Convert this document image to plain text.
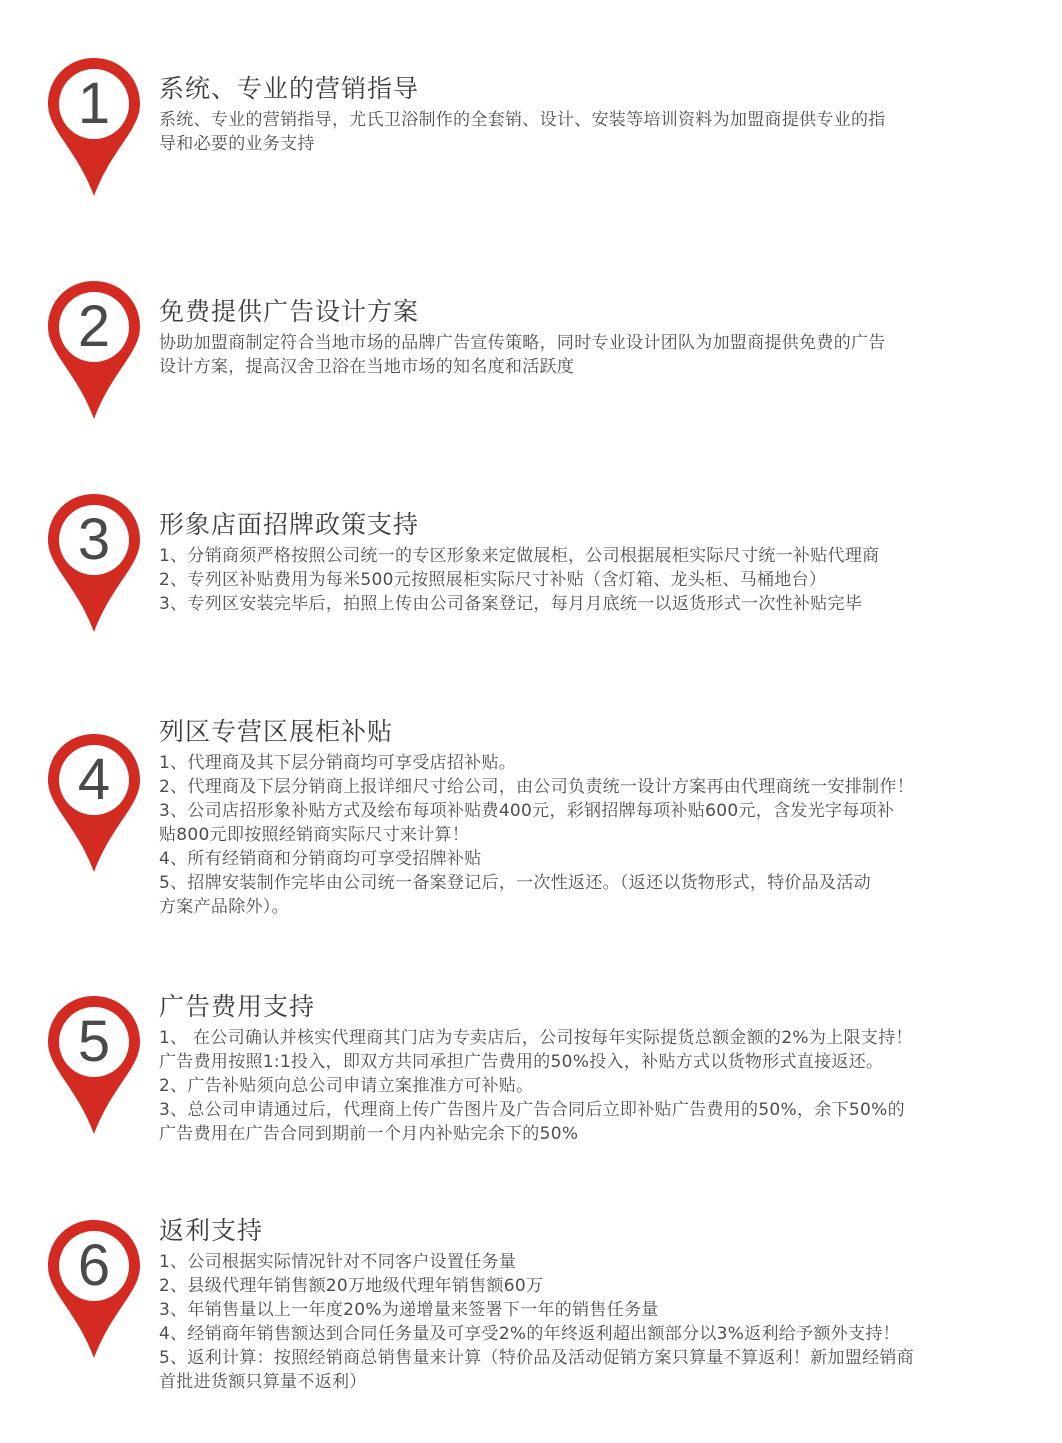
1	系统、专业的营销指导
系统、专业的营销指导，尤氏卫浴制作的全套销、设计、安装等培训资料为加盟商提供专业的指
导和必要的业务支持
2	免费提供广告设计方案
协助加盟商制定符合当地市场的品牌广告宣传策略，同时专业设计团队为加盟商提供免费的广告
设计方案，提高汉舍卫浴在当地市场的知名度和活跃度
3	形象店面招牌政策支持
1、分销商须严格按照公司统一的专区形象来定做展柜，公司根据展柜实际尺寸统一补贴代理商
2、专列区补贴费用为每米500元按照展柜实际尺寸补贴（含灯箱、龙头柜、马桶地台）
3、专列区安装完毕后，拍照上传由公司备案登记，每月月底统一以返货形式一次性补贴完毕
4
列区专营区展柜补贴
1、代理商及其下层分销商均可享受店招补贴。
2、代理商及下层分销商上报详细尺寸给公司，由公司负责统一设计方案再由代理商统一安排制作！
3、公司店招形象补贴方式及绘布每项补贴费400元，彩钢招牌每项补贴600元，含发光字每项补
贴800元即按照经销商实际尺寸来计算！
4、所有经销商和分销商均可享受招牌补贴
5、招牌安装制作完毕由公司统一备案登记后，一次性返还。（返还以货物形式，特价品及活动
方案产品除外）。
5
广告费用支持
1、 在公司确认并核实代理商其门店为专卖店后，公司按每年实际提货总额金额的2%为上限支持！
广告费用按照1:1投入，即双方共同承担广告费用的50%投入，补贴方式以货物形式直接返还。
2、广告补贴须向总公司申请立案推准方可补贴。
3、总公司申请通过后，代理商上传广告图片及广告合同后立即补贴广告费用的50%，余下50%的
广告费用在广告合同到期前一个月内补贴完余下的50%
6
返利支持
1、公司根据实际情况针对不同客户设置任务量
2、县级代理年销售额20万地级代理年销售额60万
3、年销售量以上一年度20%为递增量来签署下一年的销售任务量
4、经销商年销售额达到合同任务量及可享受2%的年终返利超出额部分以3%返利给予额外支持！
5、返利计算：按照经销商总销售量来计算（特价品及活动促销方案只算量不算返利！新加盟经销商
首批进货额只算量不返利）
